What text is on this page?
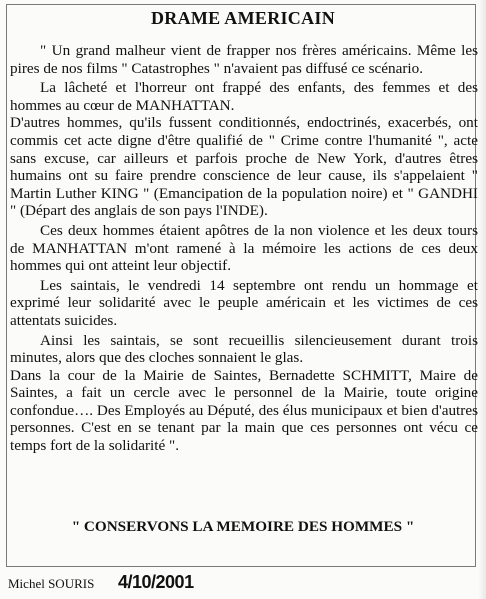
DRAME AMERICAIN

" Un grand malheur vient de frapper nos frères américains. Même les pires de nos films " Catastrophes " n'avaient pas diffusé ce scénario.

La lâcheté et l'horreur ont frappé des enfants, des femmes et des hommes au cœur de MANHATTAN.

D'autres hommes, qu'ils fussent conditionnés, endoctrinés, exacerbés, ont commis cet acte digne d'être qualifié de " Crime contre l'humanité ", acte sans excuse, car ailleurs et parfois proche de New York, d'autres êtres humains ont su faire prendre conscience de leur cause, ils s'appelaient " Martin Luther KING " (Emancipation de la population noire) et " GANDHI " (Départ des anglais de son pays l'INDE).

Ces deux hommes étaient apôtres de la non violence et les deux tours de MANHATTAN m'ont ramené à la mémoire les actions de ces deux hommes qui ont atteint leur objectif.

Les saintais, le vendredi 14 septembre ont rendu un hommage et exprimé leur solidarité avec le peuple américain et les victimes de ces attentats suicides.

Ainsi les saintais, se sont recueillis silencieusement durant trois minutes, alors que des cloches sonnaient le glas.

Dans la cour de la Mairie de Saintes, Bernadette SCHMITT, Maire de Saintes, a fait un cercle avec le personnel de la Mairie, toute origine confondue…. Des Employés au Député, des élus municipaux et bien d'autres personnes. C'est en se tenant par la main que ces personnes ont vécu ce temps fort de la solidarité ".

" CONSERVONS LA MEMOIRE DES HOMMES "
Michel SOURIS 4/10/2001
